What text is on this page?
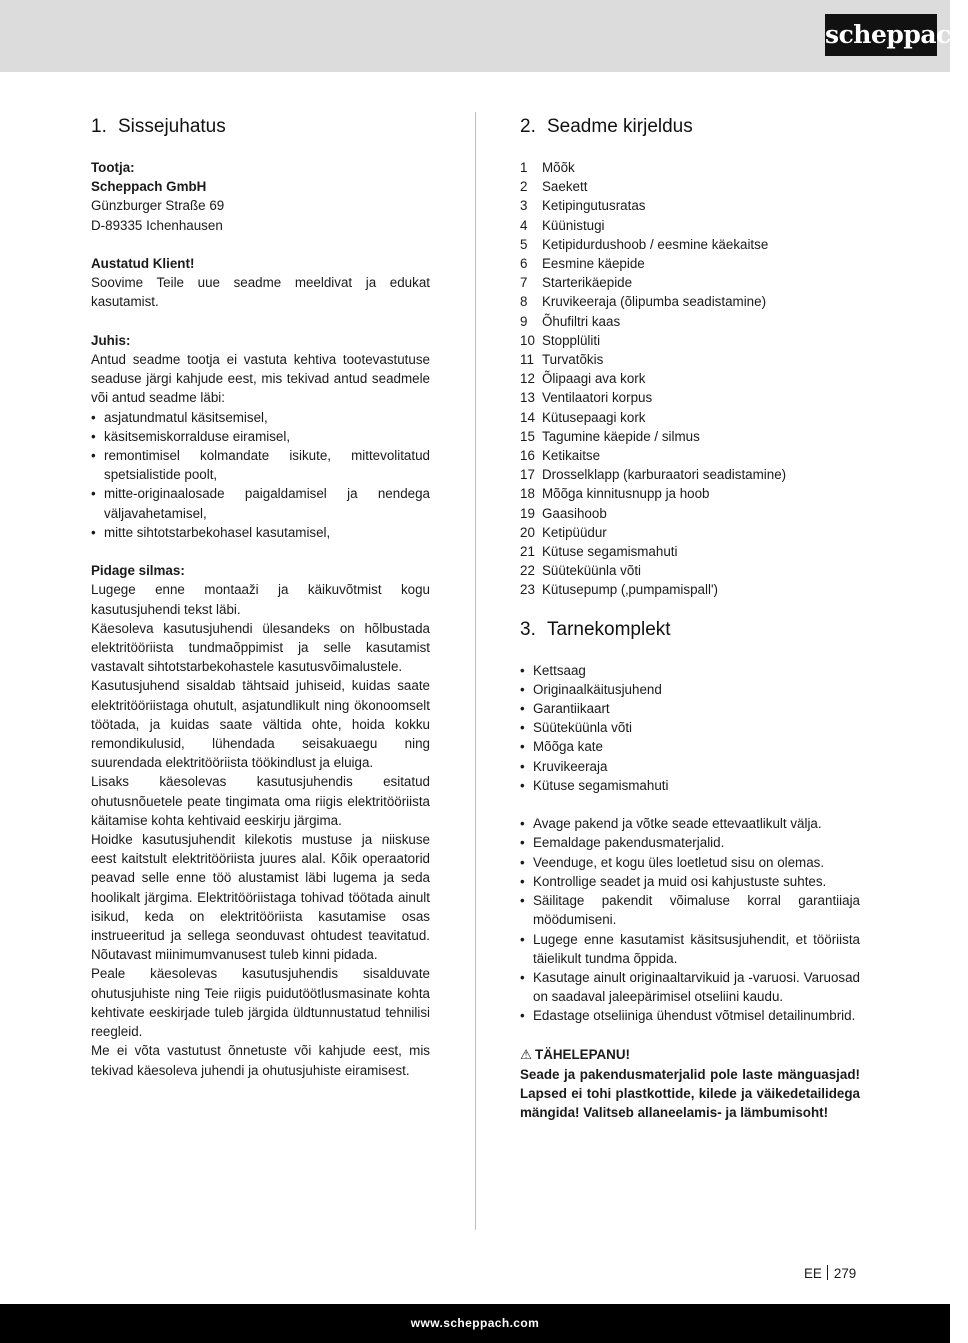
scheppach
1. Sissejuhatus

Tootja:

Scheppach GmbH

Günzburger Straße 69

D-89335 Ichenhausen

Austatud Klient!

Soovime Teile uue seadme meeldivat ja edukat kasutamist.

Juhis:

Antud seadme tootja ei vastuta kehtiva tootevastutuse seaduse järgi kahjude eest, mis tekivad antud seadmele või antud seadme läbi:

• asjatundmatul käsitsemisel,
• käsitsemiskorralduse eiramisel,
• remontimisel kolmandate isikute, mittevolitatud spetsialistide poolt,
• mitte-originaalosade paigaldamisel ja nendega väljavahetamisel,
• mitte sihtotstarbekohasel kasutamisel,

Pidage silmas:

Lugege enne montaaži ja käikuvõtmist kogu kasutusjuhendi tekst läbi.

Käesoleva kasutusjuhendi ülesandeks on hõlbustada elektritööriista tundmaõppimist ja selle kasutamist vastavalt sihtotstarbekohastele kasutusvõimalustele.

Kasutusjuhend sisaldab tähtsaid juhiseid, kuidas saate elektritööriistaga ohutult, asjatundlikult ning ökonoomselt töötada, ja kuidas saate vältida ohte, hoida kokku remondikulusid, lühendada seisakuaegu ning suurendada elektritööriista töökindlust ja eluiga.

Lisaks käesolevas kasutusjuhendis esitatud ohutusnõuetele peate tingimata oma riigis elektritööriista käitamise kohta kehtivaid eeskirju järgima.

Hoidke kasutusjuhendit kilekotis mustuse ja niiskuse eest kaitstult elektritööriista juures alal. Kõik operaatorid peavad selle enne töö alustamist läbi lugema ja seda hoolikalt järgima. Elektritööriistaga tohivad töötada ainult isikud, keda on elektritööriista kasutamise osas instrueeritud ja sellega seonduvast ohtudest teavitatud. Nõutavast miinimumvanusest tuleb kinni pidada.

Peale käesolevas kasutusjuhendis sisalduvate ohutusjuhiste ning Teie riigis puidutöötlusmasinate kohta kehtivate eeskirjade tuleb järgida üldtunnustatud tehnilisi reegleid.

Me ei võta vastutust õnnetuste või kahjude eest, mis tekivad käesoleva juhendi ja ohutusjuhiste eiramisest.

2. Seadme kirjeldus
1	Mõõk
2	Saekett
3	Ketipingutusratas
4	Küünistugi
5	Ketipidurdushoob / eesmine käekaitse
6	Eesmine käepide
7	Starterikäepide
8	Kruvikeeraja (õlipumba seadistamine)
9	Õhufiltri kaas
10 Stopplüliti
11 Turvatõkis
12 Õlipaagi ava kork
13 Ventilaatori korpus
14 Kütusepaagi kork
15 Tagumine käepide / silmus
16 Ketikaitse
17 Drosselklapp (karburaatori seadistamine)
18 Mõõga kinnitusnupp ja hoob
19 Gaasihoob
20 Ketipüüdur
21 Kütuse segamismahuti
22 Süüteküünla võti
23 Kütusepump (‚pumpamispall')
3. Tarnekomplekt
• Kettsaag
• Originaalkäitusjuhend
• Garantiikaart
• Süüteküünla võti
• Mõõga kate
• Kruvikeeraja
• Kütuse segamismahuti
• Avage pakend ja võtke seade ettevaatlikult välja.
• Eemaldage pakendusmaterjalid.
• Veenduge, et kogu üles loetletud sisu on olemas.
• Kontrollige seadet ja muid osi kahjustuste suhtes.
• Säilitage pakendit võimaluse korral garantiiaja möödumiseni.
• Lugege enne kasutamist käsitsusjuhendit, et tööriista täielikult tundma õppida.
• Kasutage ainult originaaltarvikuid ja -varuosi. Varuosad on saadaval jaleepärimisel otseliini kaudu.
• Edastage otseliiniga ühendust võtmisel detailinumbrid.

⚠ TÄHELEPANU!

Seade ja pakendusmaterjalid pole laste mänguasjad! Lapsed ei tohi plastkottide, kilede ja väikedetailidega mängida! Valitseb allaneelamis- ja lämbumisoht!

EE 279
www.scheppach.com
